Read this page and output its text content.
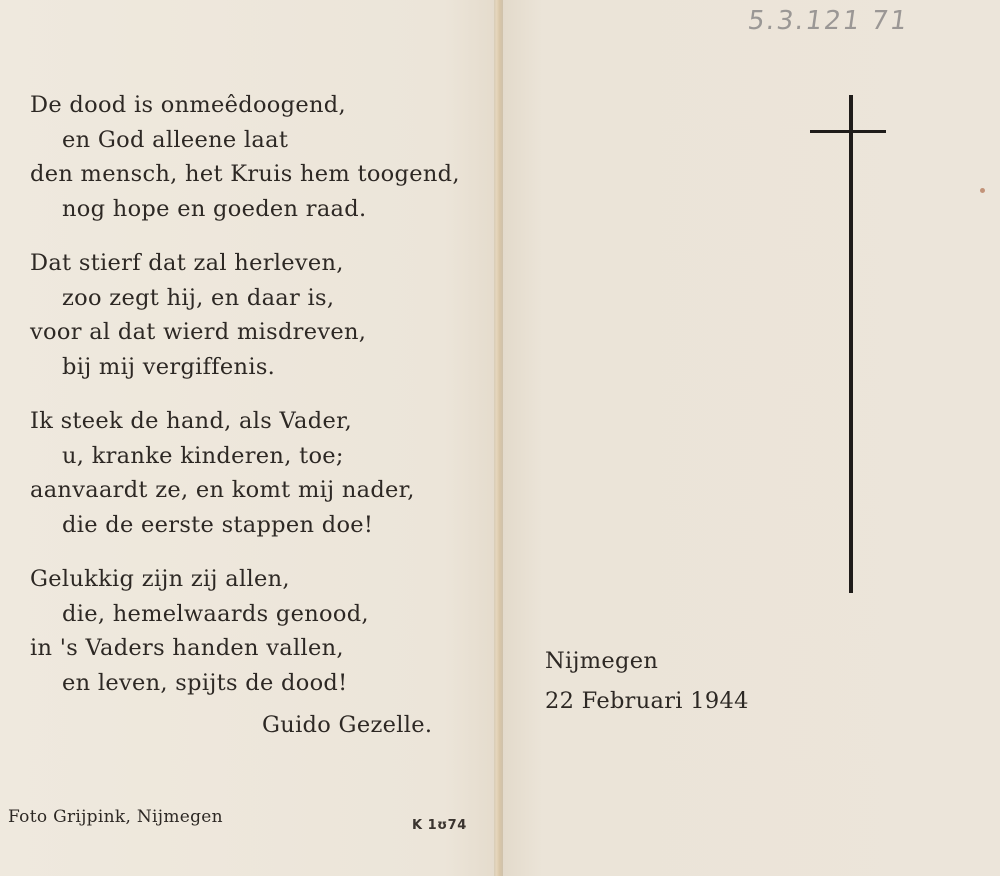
De dood is onmeêdoogend,
en God alleene laat
den mensch, het Kruis hem toogend,
nog hope en goeden raad.
Dat stierf dat zal herleven,
zoo zegt hij, en daar is,
voor al dat wierd misdreven,
bij mij vergiffenis.
Ik steek de hand, als Vader,
u, kranke kinderen, toe;
aanvaardt ze, en komt mij nader,
die de eerste stappen doe!
Gelukkig zijn zij allen,
die, hemelwaards genood,
in 's Vaders handen vallen,
en leven, spijts de dood!
Guido Gezelle.
Foto Grijpink, Nijmegen	K 1ʊ74
5.3.121 71
Nijmegen
22 Februari 1944
